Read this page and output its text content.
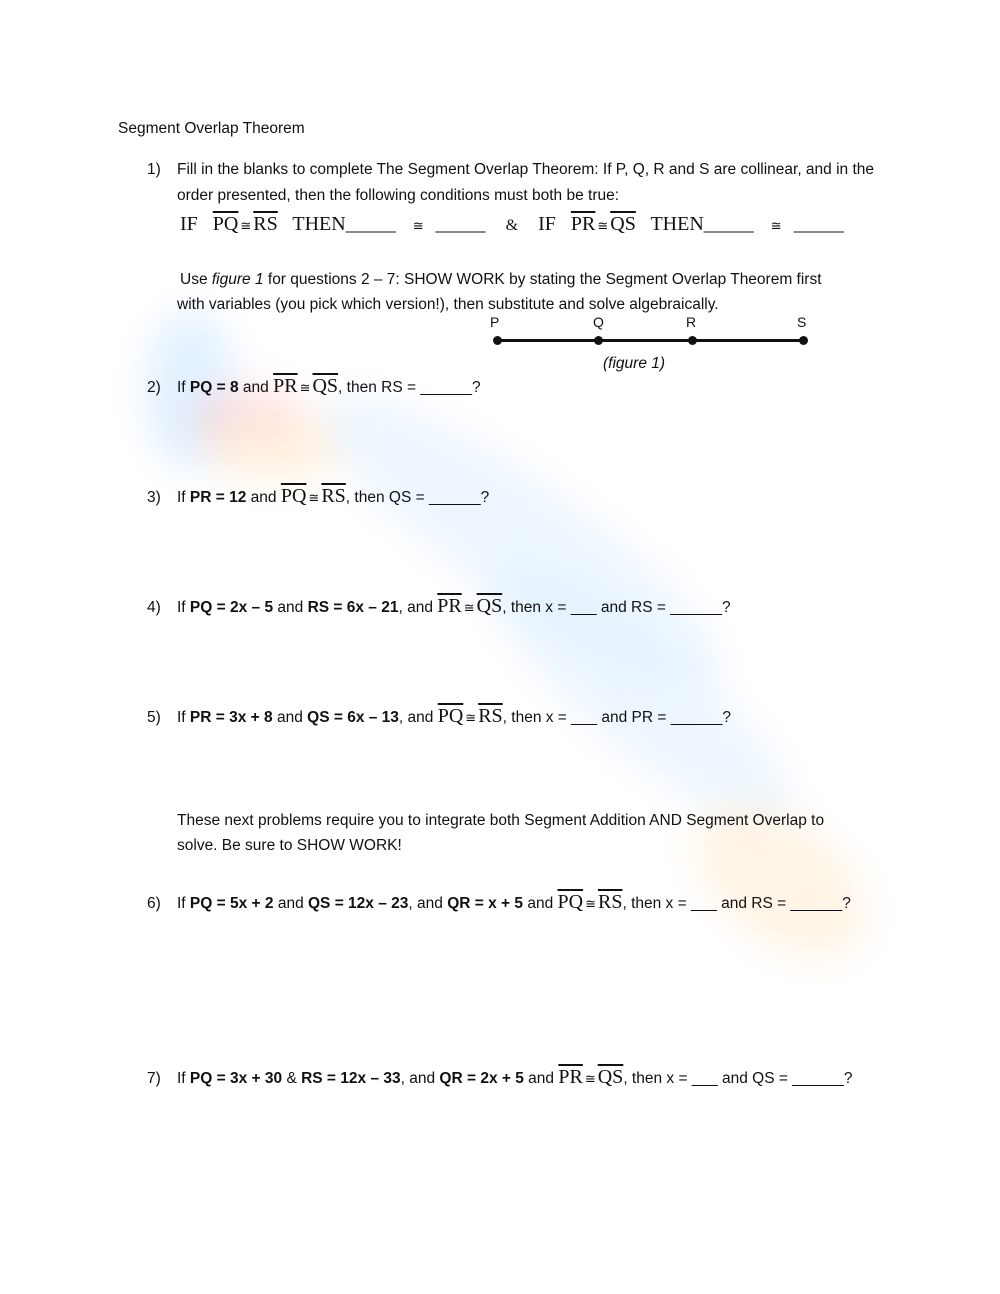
Segment Overlap Theorem
1) Fill in the blanks to complete The Segment Overlap Theorem: If P, Q, R and S are collinear, and in the
order presented, then the following conditions must both be true:
IF $\overline{PQ}$ ≅ $\overline{RS}$ THEN_____ ≅ _____ & IF $\overline{PR}$ ≅ $\overline{QS}$ THEN_____ ≅ _____
Use figure 1 for questions 2 – 7: SHOW WORK by stating the Segment Overlap Theorem first
with variables (you pick which version!), then substitute and solve algebraically.
P	Q	R	S
(figure 1)
2) If PQ = 8 and $\overline{PR}$ ≅ $\overline{QS}$, then RS = ______?
3) If PR = 12 and $\overline{PQ}$ ≅ $\overline{RS}$, then QS = ______?
4) If PQ = 2x – 5 and RS = 6x – 21, and $\overline{PR}$ ≅ $\overline{QS}$, then x = ___ and RS = ______?
5) If PR = 3x + 8 and QS = 6x – 13, and $\overline{PQ}$ ≅ $\overline{RS}$, then x = ___ and PR = ______?
These next problems require you to integrate both Segment Addition AND Segment Overlap to
solve. Be sure to SHOW WORK!
6) If PQ = 5x + 2 and QS = 12x – 23, and QR = x + 5 and $\overline{PQ}$ ≅ $\overline{RS}$, then x = ___ and RS = ______?
7) If PQ = 3x + 30 & RS = 12x – 33, and QR = 2x + 5 and $\overline{PR}$ ≅ $\overline{QS}$, then x = ___ and QS = ______?
